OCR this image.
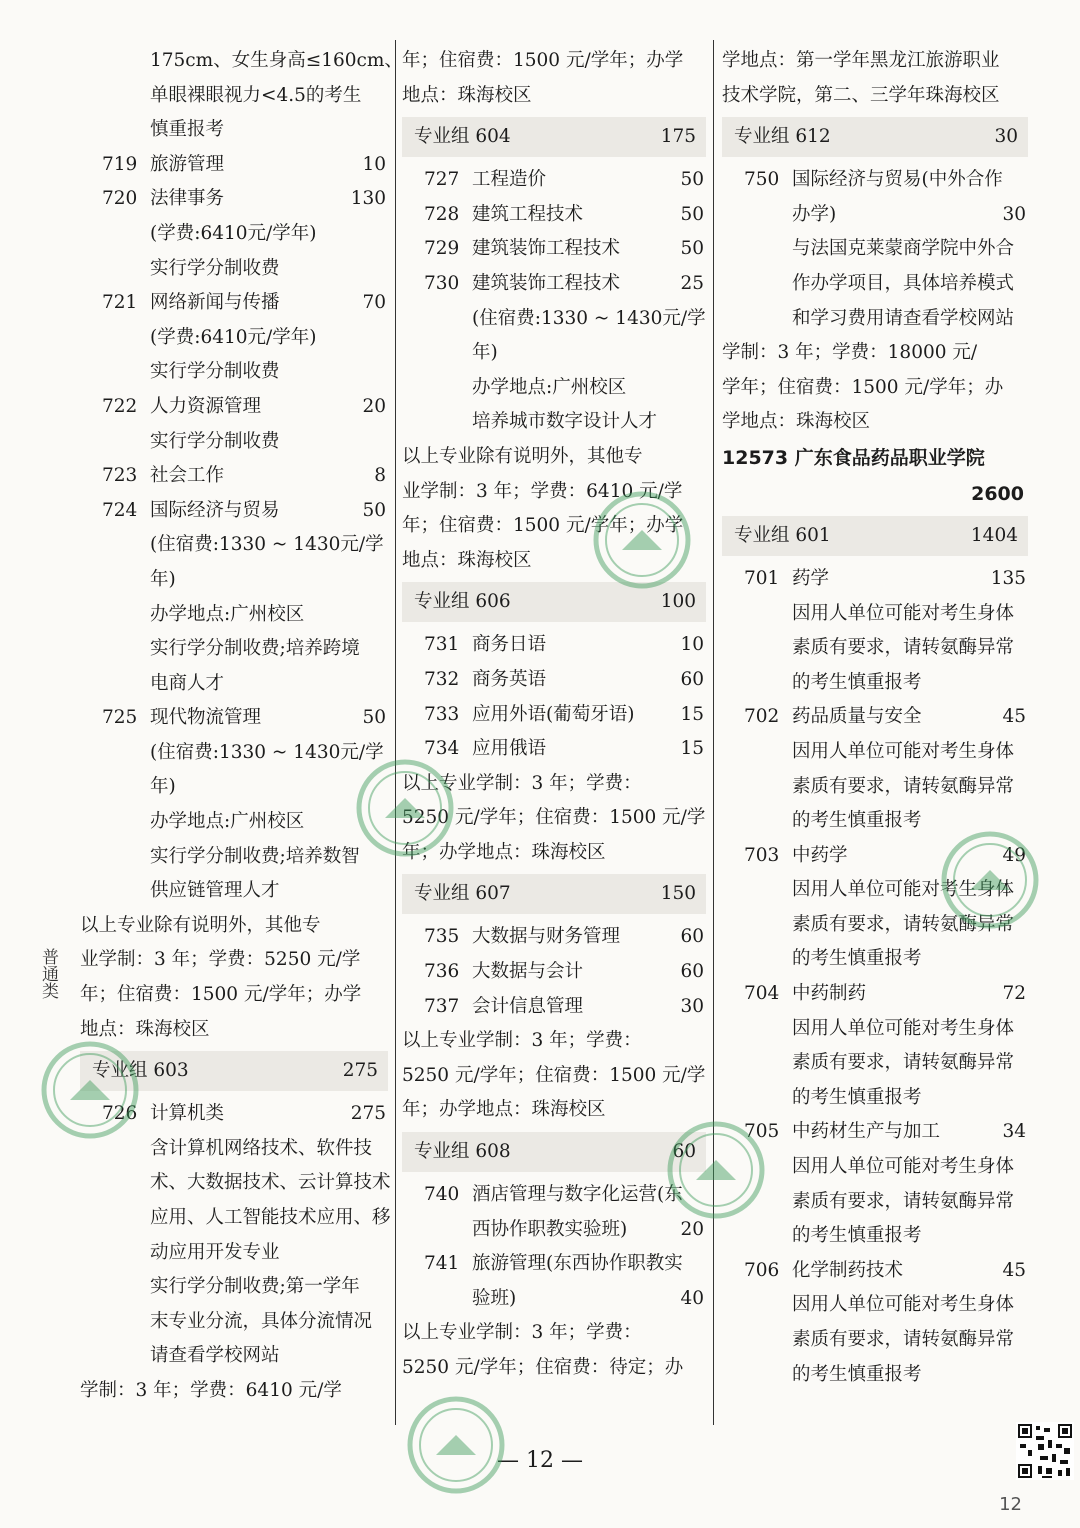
175cm、女生身高≤160cm、
单眼裸眼视力<4.5的考生
慎重报考
719 旅游管理	10
720 法律事务	130
(学费:6410元/学年)
实行学分制收费
721 网络新闻与传播	70
(学费:6410元/学年)
实行学分制收费
722 人力资源管理	20
实行学分制收费
723 社会工作	8
724 国际经济与贸易	50
(住宿费:1330 ~ 1430元/学
年)
办学地点:广州校区
实行学分制收费;培养跨境
电商人才
725 现代物流管理	50
(住宿费:1330 ~ 1430元/学
年)
办学地点:广州校区
实行学分制收费;培养数智
供应链管理人才
以上专业除有说明外，其他专
业学制：3 年；学费：5250 元/学
年；住宿费：1500 元/学年；办学
地点：珠海校区
专业组 603	275
726 计算机类	275
含计算机网络技术、软件技
术、大数据技术、云计算技术
应用、人工智能技术应用、移
动应用开发专业
实行学分制收费;第一学年
末专业分流，具体分流情况
请查看学校网站
学制：3 年；学费：6410 元/学
年；住宿费：1500 元/学年；办学
地点：珠海校区
专业组 604	175
727 工程造价	50
728 建筑工程技术	50
729 建筑装饰工程技术	50
730 建筑装饰工程技术	25
(住宿费:1330 ~ 1430元/学
年)
办学地点:广州校区
培养城市数字设计人才
以上专业除有说明外，其他专
业学制：3 年；学费：6410 元/学
年；住宿费：1500 元/学年；办学
地点：珠海校区
专业组 606	100
731 商务日语	10
732 商务英语	60
733 应用外语(葡萄牙语) 15
734 应用俄语	15
以上专业学制：3 年；学费：
5250 元/学年；住宿费：1500 元/学
年；办学地点：珠海校区
专业组 607	150
735 大数据与财务管理	60
736 大数据与会计	60
737 会计信息管理	30
以上专业学制：3 年；学费：
5250 元/学年；住宿费：1500 元/学
年；办学地点：珠海校区
专业组 608	60
740 酒店管理与数字化运营(东
西协作职教实验班)	20
741 旅游管理(东西协作职教实
验班)	40
以上专业学制：3 年；学费：
5250 元/学年；住宿费：待定；办
学地点：第一学年黑龙江旅游职业
技术学院，第二、三学年珠海校区
专业组 612	30
750 国际经济与贸易(中外合作
办学)	30
与法国克莱蒙商学院中外合
作办学项目，具体培养模式
和学习费用请查看学校网站
学制：3 年；学费：18000 元/
学年；住宿费：1500 元/学年；办
学地点：珠海校区
12573 广东食品药品职业学院
2600
专业组 601	1404
701 药学	135
因用人单位可能对考生身体
素质有要求，请转氨酶异常
的考生慎重报考
702 药品质量与安全	45
因用人单位可能对考生身体
素质有要求，请转氨酶异常
的考生慎重报考
703 中药学	49
因用人单位可能对考生身体
素质有要求，请转氨酶异常
的考生慎重报考
704 中药制药	72
因用人单位可能对考生身体
素质有要求，请转氨酶异常
的考生慎重报考
705 中药材生产与加工	34
因用人单位可能对考生身体
素质有要求，请转氨酶异常
的考生慎重报考
706 化学制药技术	45
因用人单位可能对考生身体
素质有要求，请转氨酶异常
的考生慎重报考
普通类
— 12 —
12
